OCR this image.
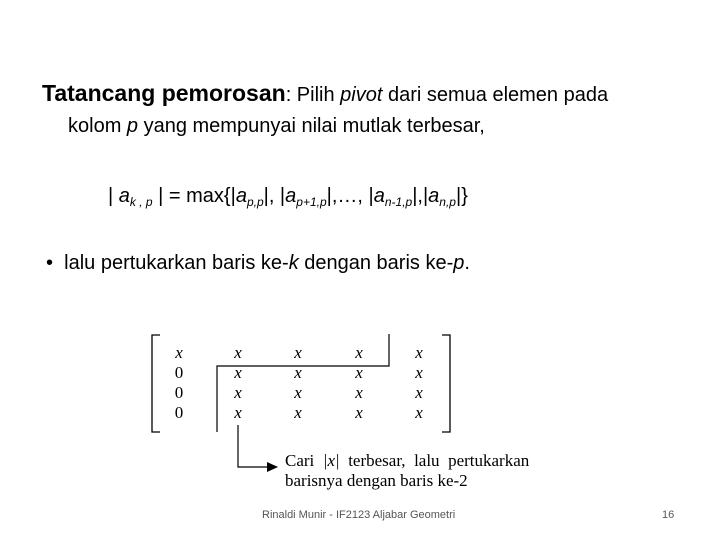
Tatancang pemorosan: Pilih pivot dari semua elemen pada
kolom p yang mempunyai nilai mutlak terbesar,
| $a_{k , p}$ | = $\max\{|a_{p,p}|$, $|a_{p+1,p}|,\dots$, $|a_{n-1,p}|,|a_{n,p}|$}
• lalu pertukarkan baris ke-k dengan baris ke-p.
x	x	x	x	x
0	x	x	x	x
0	x	x	x	x
0	x	x	x	x
Cari |x| terbesar, lalu pertukarkan
barisnya dengan baris ke-2
Rinaldi Munir - IF2123 Aljabar Geometri	16
